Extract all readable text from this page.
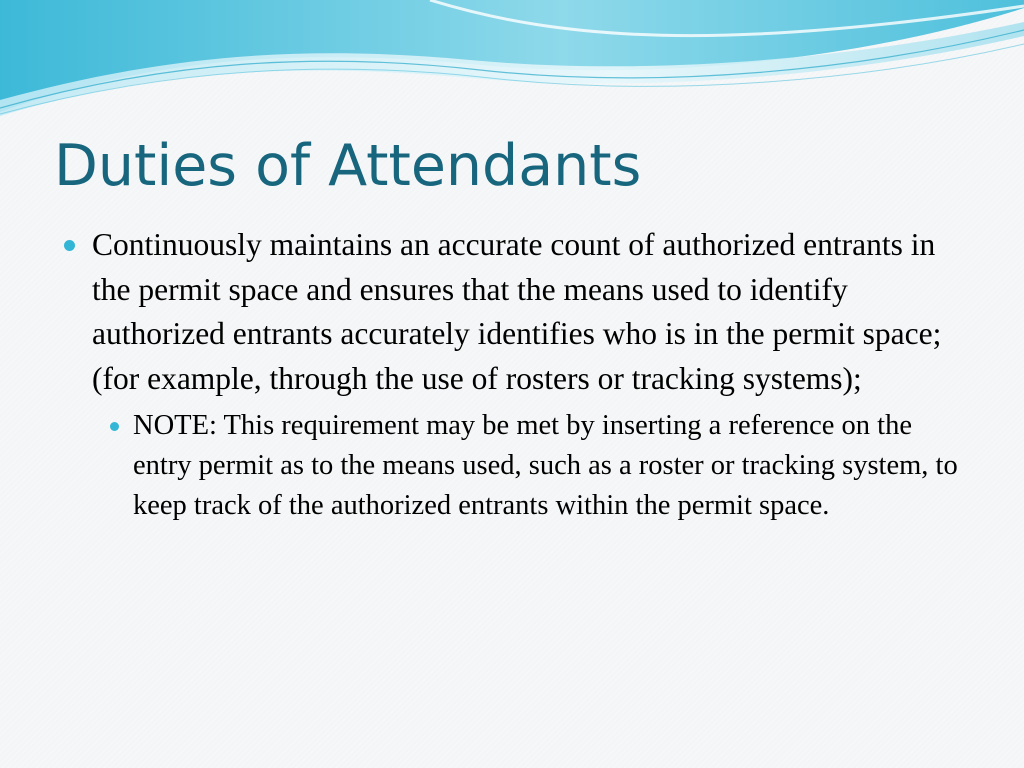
Duties of Attendants
Continuously maintains an accurate count of authorized entrants in the permit space and ensures that the means used to identify authorized entrants accurately identifies who is in the permit space; (for example, through the use of rosters or tracking systems);
NOTE: This requirement may be met by inserting a reference on the entry permit as to the means used, such as a roster or tracking system, to keep track of the authorized entrants within the permit space.
